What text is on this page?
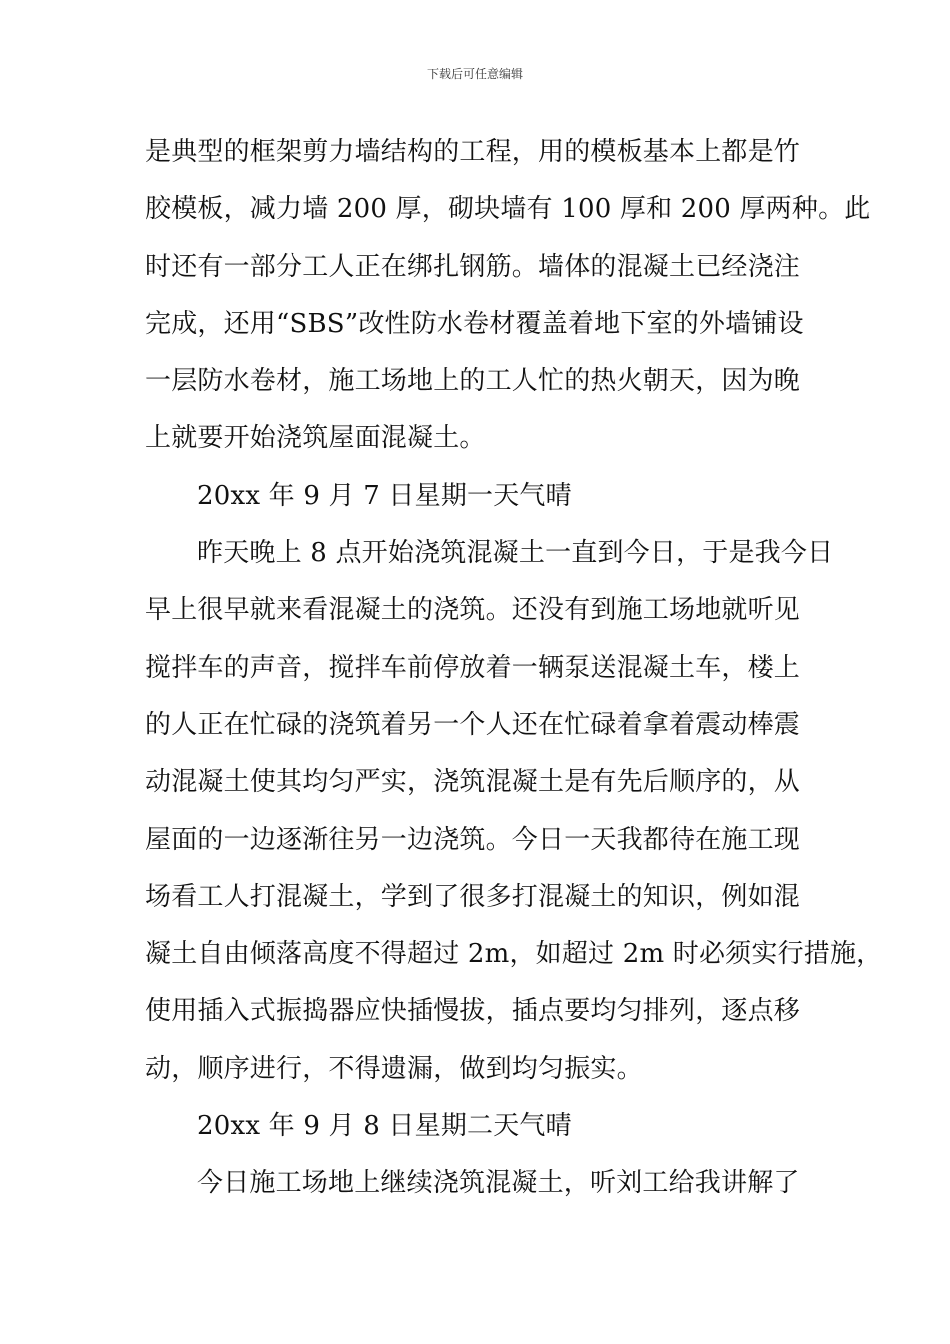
下载后可任意编辑
是典型的框架剪力墙结构的工程，用的模板基本上都是竹
胶模板，减力墙 200 厚，砌块墙有 100 厚和 200 厚两种。此
时还有一部分工人正在绑扎钢筋。墙体的混凝土已经浇注
完成，还用“SBS”改性防水卷材覆盖着地下室的外墙铺设
一层防水卷材，施工场地上的工人忙的热火朝天，因为晚
上就要开始浇筑屋面混凝土。
20xx 年 9 月 7 日星期一天气晴
昨天晚上 8 点开始浇筑混凝土一直到今日，于是我今日
早上很早就来看混凝土的浇筑。还没有到施工场地就听见
搅拌车的声音，搅拌车前停放着一辆泵送混凝土车，楼上
的人正在忙碌的浇筑着另一个人还在忙碌着拿着震动棒震
动混凝土使其均匀严实，浇筑混凝土是有先后顺序的，从
屋面的一边逐渐往另一边浇筑。今日一天我都待在施工现
场看工人打混凝土，学到了很多打混凝土的知识，例如混
凝土自由倾落高度不得超过 2m，如超过 2m 时必须实行措施，
使用插入式振捣器应快插慢拔，插点要均匀排列，逐点移
动，顺序进行，不得遗漏，做到均匀振实。
20xx 年 9 月 8 日星期二天气晴
今日施工场地上继续浇筑混凝土，听刘工给我讲解了
